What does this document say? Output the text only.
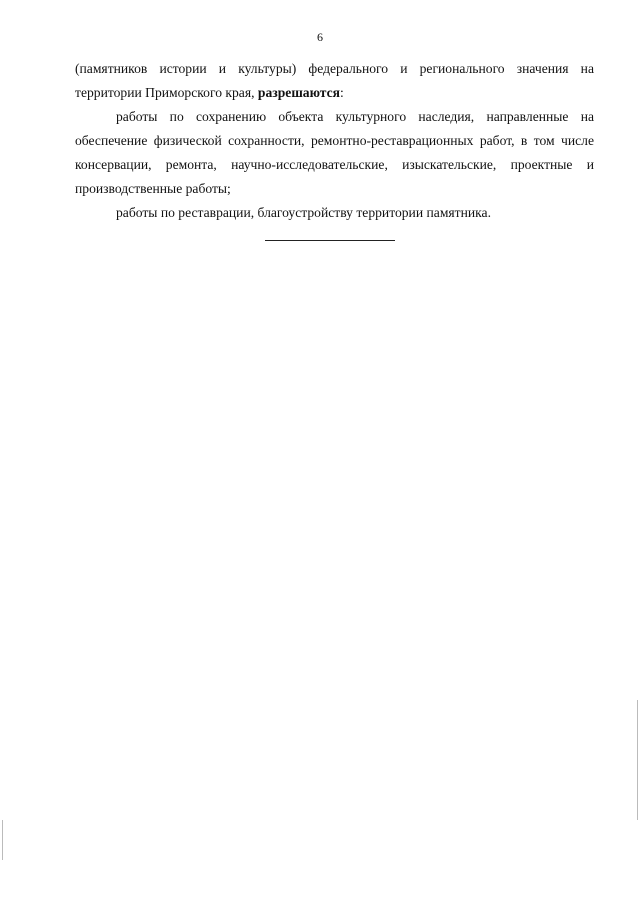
6

(памятников истории и культуры) федерального и регионального значения на территории Приморского края, разрешаются:

работы по сохранению объекта культурного наследия, направленные на обеспечение физической сохранности, ремонтно-реставрационных работ, в том числе консервации, ремонта, научно-исследовательские, изыскательские, проектные и производственные работы;

работы по реставрации, благоустройству территории памятника.
